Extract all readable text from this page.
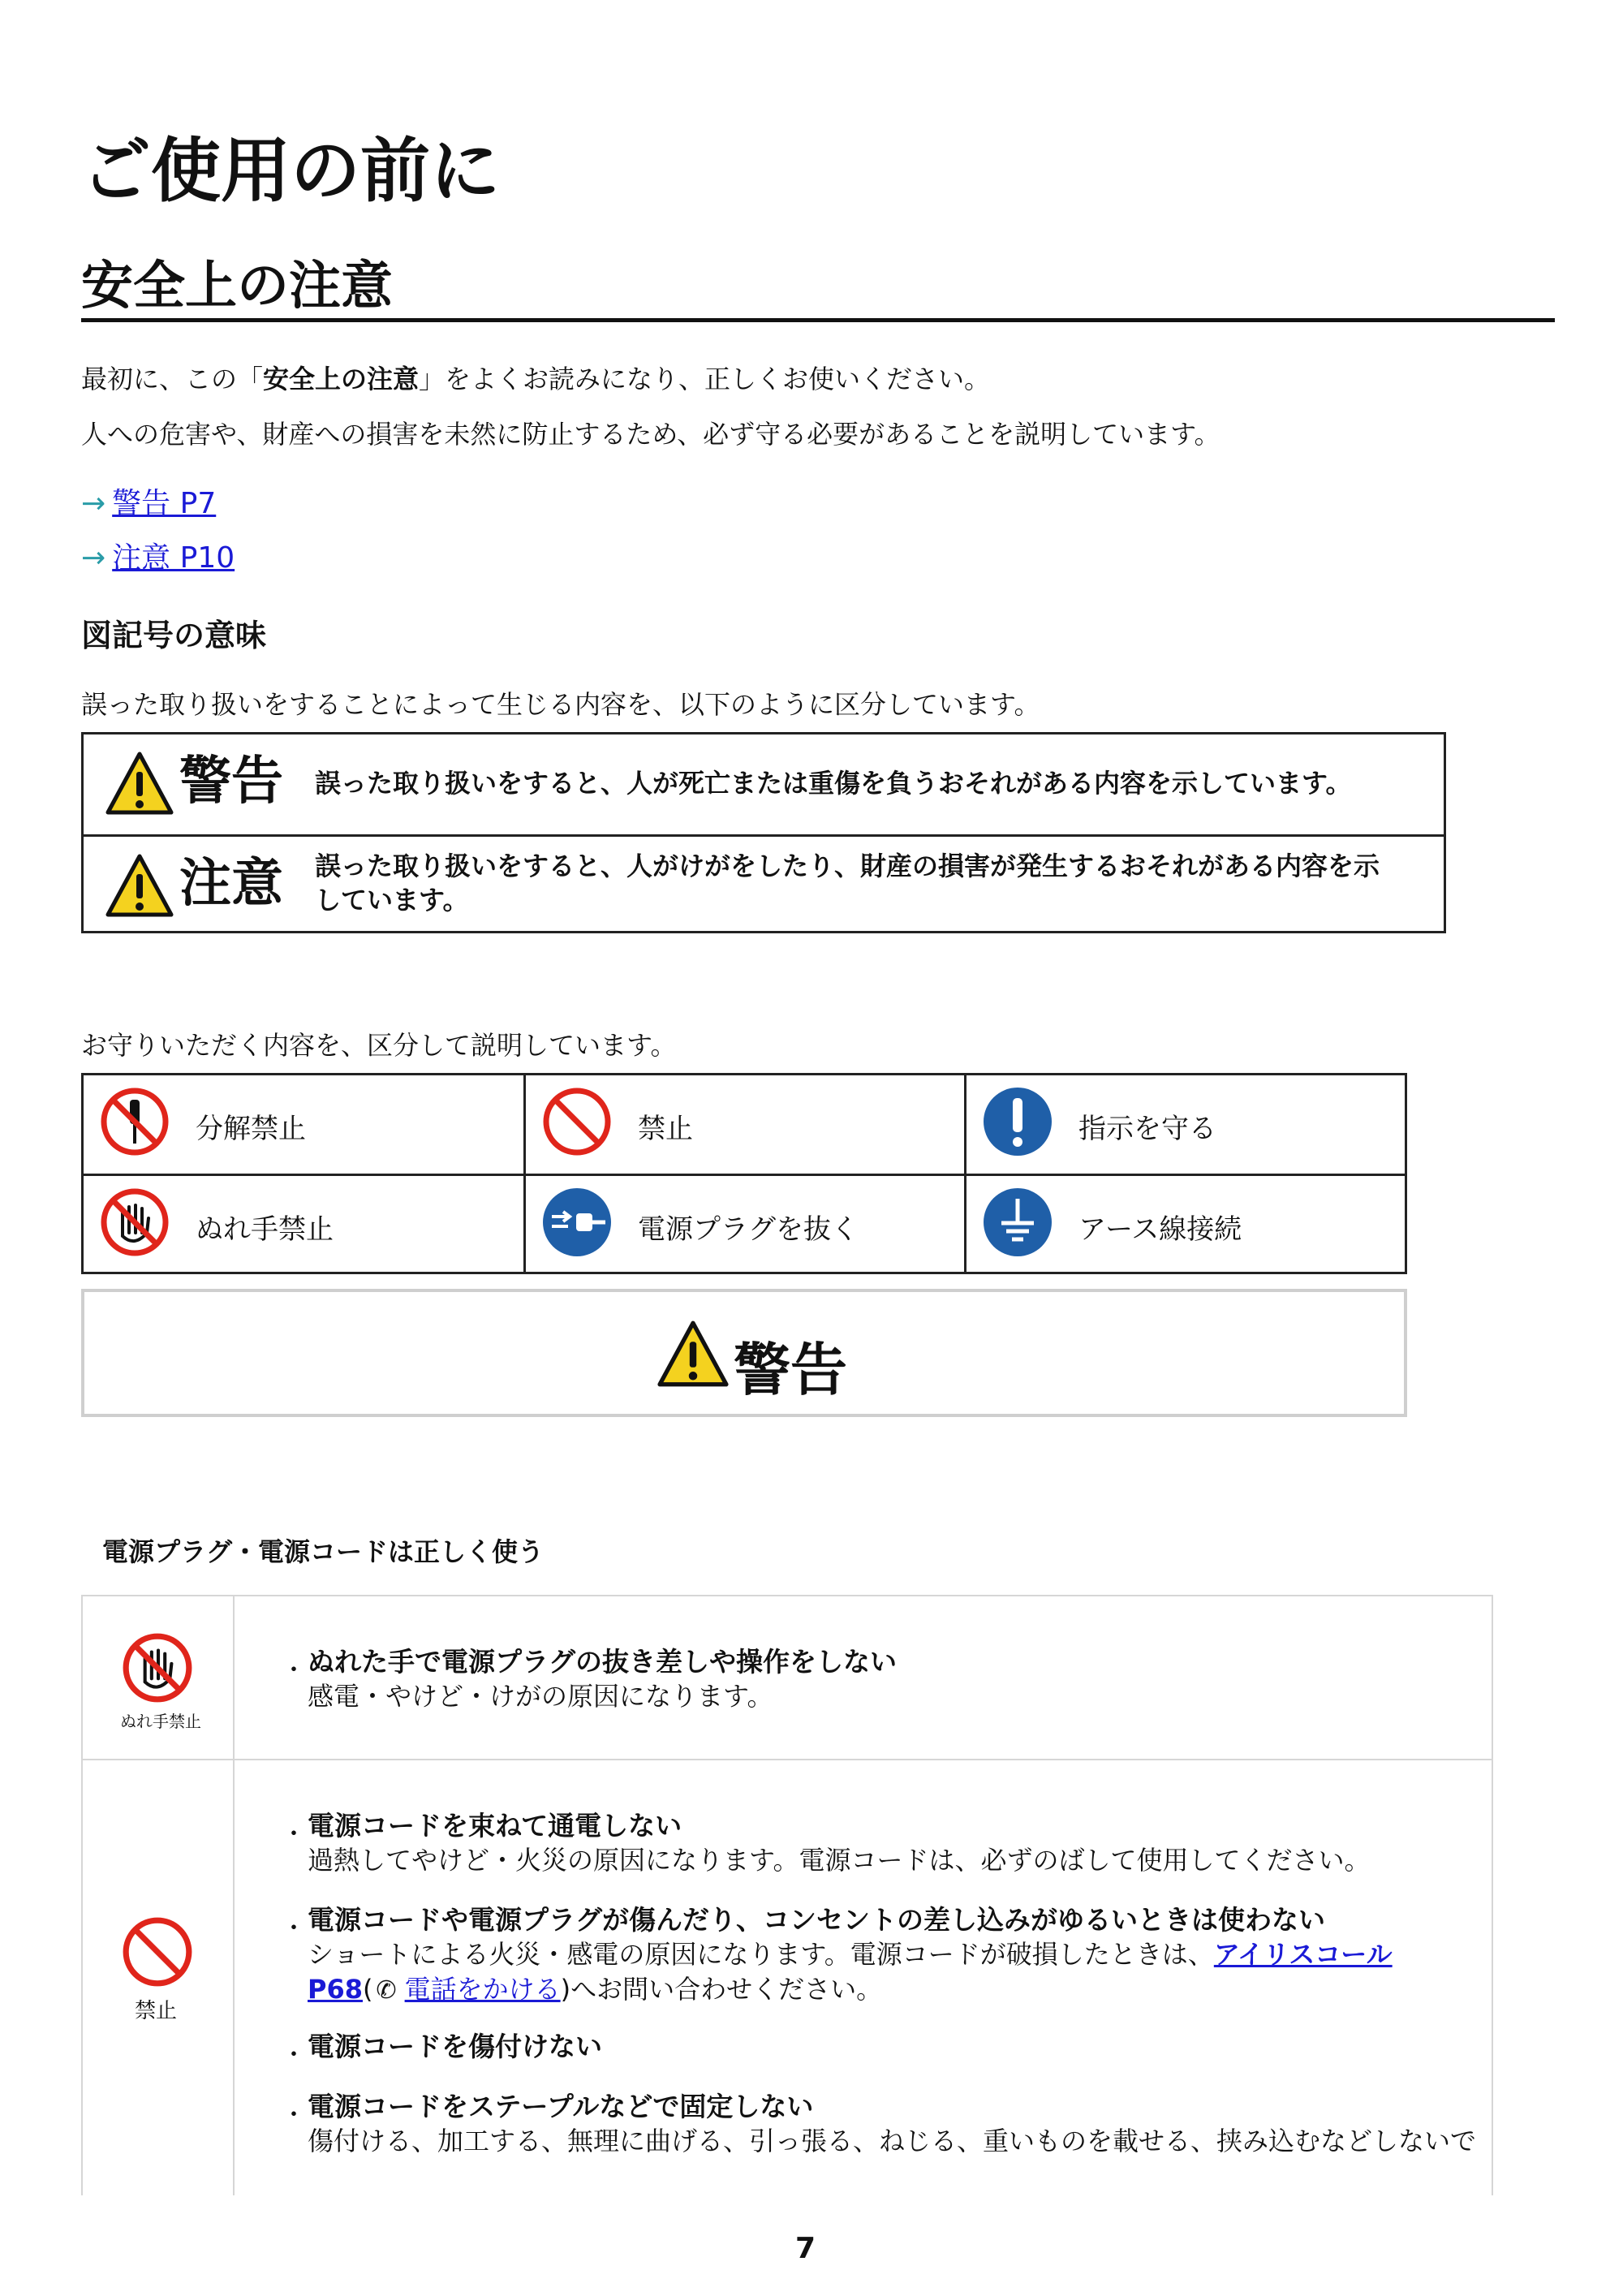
ご使用の前に
安全上の注意
最初に、この「安全上の注意」をよくお読みになり、正しくお使いください。
人への危害や、財産への損害を未然に防止するため、必ず守る必要があることを説明しています。
→ 警告 P7
→ 注意 P10
図記号の意味
誤った取り扱いをすることによって生じる内容を、以下のように区分しています。
警告 誤った取り扱いをすると、人が死亡または重傷を負うおそれがある内容を示しています。
注意 誤った取り扱いをすると、人がけがをしたり、財産の損害が発生するおそれがある内容を示
しています。
お守りいただく内容を、区分して説明しています。
分解禁止	禁止	指示を守る
ぬれ手禁止	電源プラグを抜く	アース線接続
警告
電源プラグ・電源コードは正しく使う
ぬれ手禁止
・ ぬれた手で電源プラグの抜き差しや操作をしない
感電・やけど・けがの原因になります。
禁止
・ 電源コードを束ねて通電しない
過熱してやけど・火災の原因になります。電源コードは、必ずのばして使用してください。
・ 電源コードや電源プラグが傷んだり、コンセントの差し込みがゆるいときは使わない
ショートによる火災・感電の原因になります。電源コードが破損したときは、アイリスコール
P68( ✆ 電話をかける)へお問い合わせください。
・ 電源コードを傷付けない
・ 電源コードをステープルなどで固定しない
傷付ける、加工する、無理に曲げる、引っ張る、ねじる、重いものを載せる、挟み込むなどしないで
7
